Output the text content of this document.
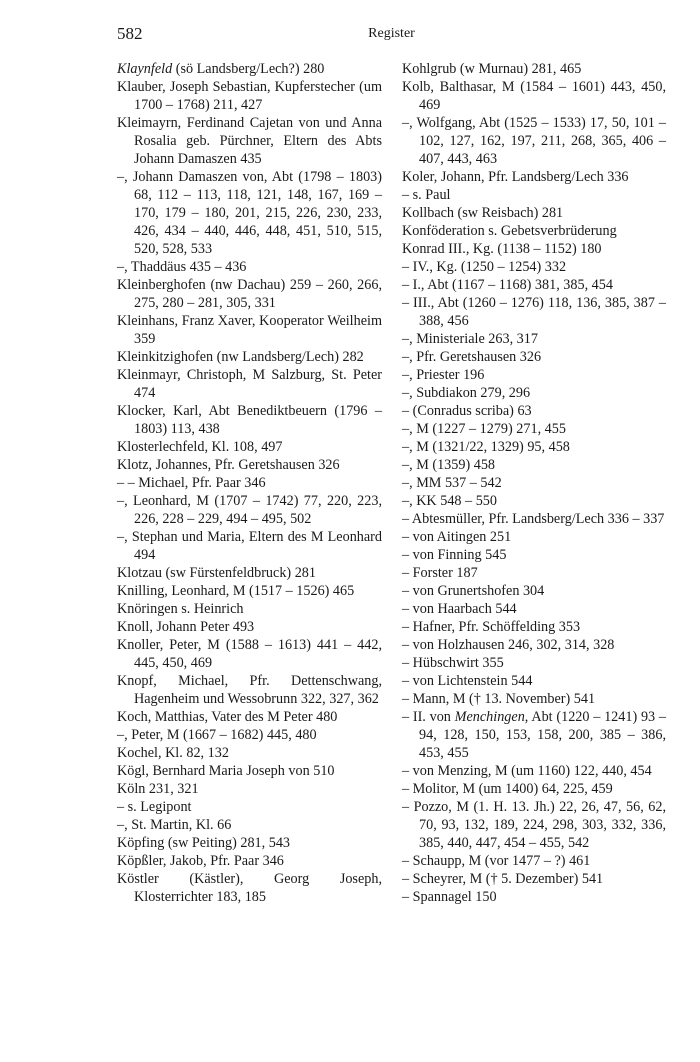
582	Register

Klaynfeld (sö Landsberg/Lech?) 280

Klauber, Joseph Sebastian, Kupferstecher (um 1700 – 1768) 211, 427

Kleimayrn, Ferdinand Cajetan von und Anna Rosalia geb. Pürchner, Eltern des Abts Johann Damaszen 435

–, Johann Damaszen von, Abt (1798 – 1803) 68, 112 – 113, 118, 121, 148, 167, 169 – 170, 179 – 180, 201, 215, 226, 230, 233, 426, 434 – 440, 446, 448, 451, 510, 515, 520, 528, 533

–, Thaddäus 435 – 436

Kleinberghofen (nw Dachau) 259 – 260, 266, 275, 280 – 281, 305, 331

Kleinhans, Franz Xaver, Kooperator Weilheim 359

Kleinkitzighofen (nw Landsberg/Lech) 282

Kleinmayr, Christoph, M Salzburg, St. Peter 474

Klocker, Karl, Abt Benediktbeuern (1796 – 1803) 113, 438

Klosterlechfeld, Kl. 108, 497

Klotz, Johannes, Pfr. Geretshausen 326

– – Michael, Pfr. Paar 346

–, Leonhard, M (1707 – 1742) 77, 220, 223, 226, 228 – 229, 494 – 495, 502

–, Stephan und Maria, Eltern des M Leonhard 494

Klotzau (sw Fürstenfeldbruck) 281

Knilling, Leonhard, M (1517 – 1526) 465

Knöringen s. Heinrich

Knoll, Johann Peter 493

Knoller, Peter, M (1588 – 1613) 441 – 442, 445, 450, 469

Knopf, Michael, Pfr. Dettenschwang, Hagenheim und Wessobrunn 322, 327, 362

Koch, Matthias, Vater des M Peter 480

–, Peter, M (1667 – 1682) 445, 480

Kochel, Kl. 82, 132

Kögl, Bernhard Maria Joseph von 510

Köln 231, 321

– s. Legipont

–, St. Martin, Kl. 66

Köpfing (sw Peiting) 281, 543

Köpßler, Jakob, Pfr. Paar 346

Köstler (Kästler), Georg Joseph, Klosterrichter 183, 185

Kohlgrub (w Murnau) 281, 465

Kolb, Balthasar, M (1584 – 1601) 443, 450, 469

–, Wolfgang, Abt (1525 – 1533) 17, 50, 101 – 102, 127, 162, 197, 211, 268, 365, 406 – 407, 443, 463

Koler, Johann, Pfr. Landsberg/Lech 336

– s. Paul

Kollbach (sw Reisbach) 281

Konföderation s. Gebetsverbrüderung

Konrad III., Kg. (1138 – 1152) 180

– IV., Kg. (1250 – 1254) 332

– I., Abt (1167 – 1168) 381, 385, 454

– III., Abt (1260 – 1276) 118, 136, 385, 387 – 388, 456

–, Ministeriale 263, 317

–, Pfr. Geretshausen 326

–, Priester 196

–, Subdiakon 279, 296

– (Conradus scriba) 63

–, M (1227 – 1279) 271, 455

–, M (1321/22, 1329) 95, 458

–, M (1359) 458

–, MM 537 – 542

–, KK 548 – 550

– Abtesmüller, Pfr. Landsberg/Lech 336 – 337

– von Aitingen 251

– von Finning 545

– Forster 187

– von Grunertshofen 304

– von Haarbach 544

– Hafner, Pfr. Schöffelding 353

– von Holzhausen 246, 302, 314, 328

– Hübschwirt 355

– von Lichtenstein 544

– Mann, M († 13. November) 541

– II. von Menchingen, Abt (1220 – 1241) 93 – 94, 128, 150, 153, 158, 200, 385 – 386, 453, 455

– von Menzing, M (um 1160) 122, 440, 454

– Molitor, M (um 1400) 64, 225, 459

– Pozzo, M (1. H. 13. Jh.) 22, 26, 47, 56, 62, 70, 93, 132, 189, 224, 298, 303, 332, 336, 385, 440, 447, 454 – 455, 542

– Schaupp, M (vor 1477 – ?) 461

– Scheyrer, M († 5. Dezember) 541

– Spannagel 150
